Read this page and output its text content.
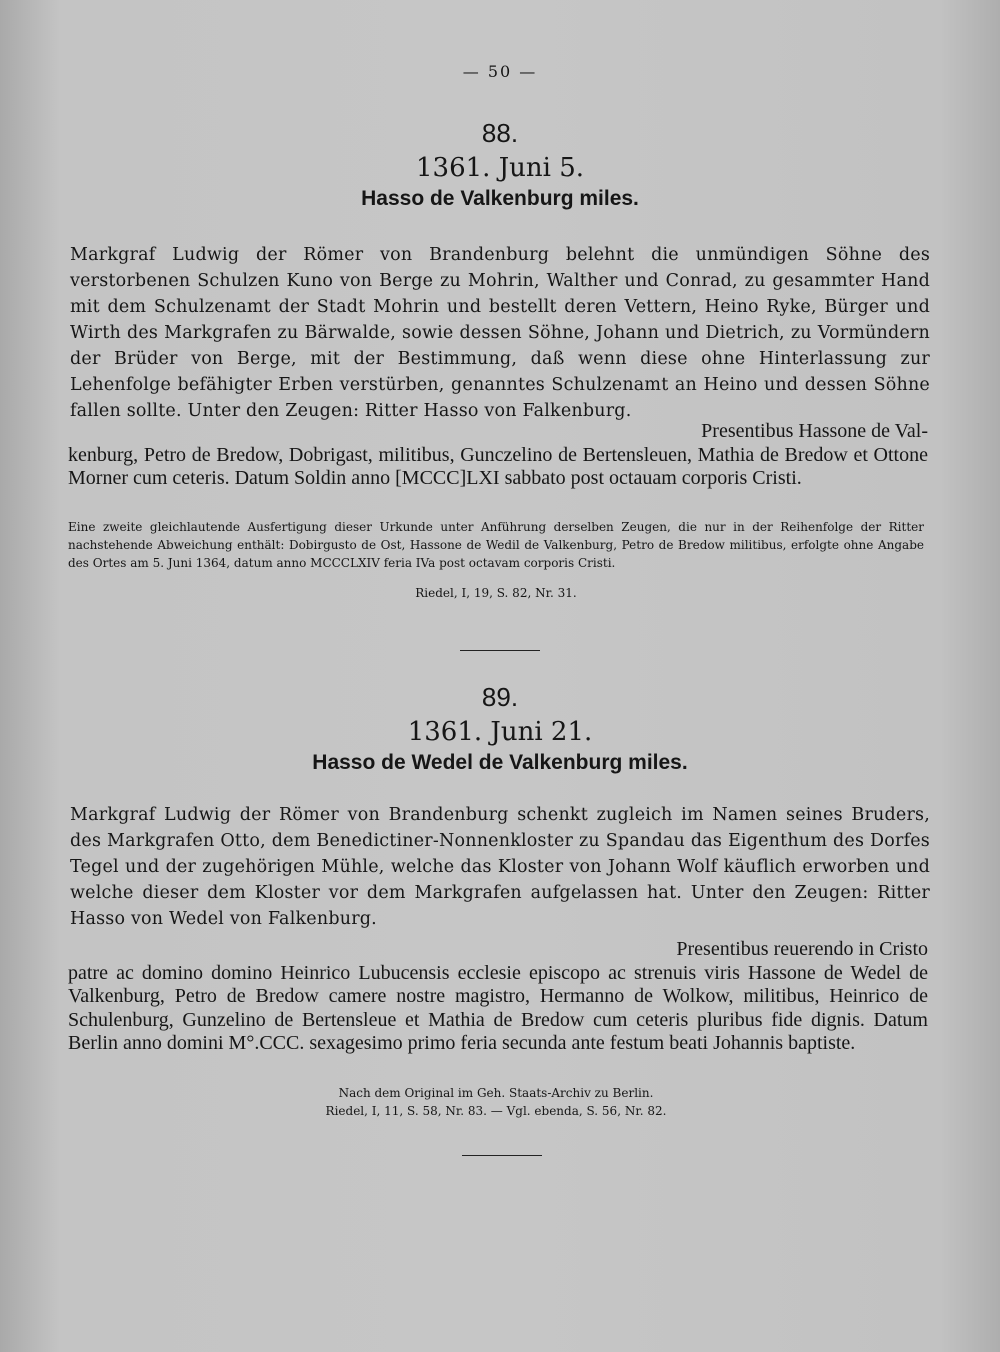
— 50 —
88.
1361. Juni 5.
Hasso de Valkenburg miles.
Markgraf Ludwig der Römer von Brandenburg belehnt die unmündigen Söhne des verstorbenen Schulzen Kuno von Berge zu Mohrin, Walther und Conrad, zu gesammter Hand mit dem Schulzenamt der Stadt Mohrin und bestellt deren Vettern, Heino Ryke, Bürger und Wirth des Markgrafen zu Bärwalde, sowie dessen Söhne, Johann und Dietrich, zu Vormündern der Brüder von Berge, mit der Bestimmung, daß wenn diese ohne Hinterlassung zur Lehenfolge befähigter Erben verstürben, genanntes Schulzenamt an Heino und dessen Söhne fallen sollte. Unter den Zeugen: Ritter Hasso von Falkenburg.
Presentibus Hassone de Val-
kenburg, Petro de Bredow, Dobrigast, militibus, Gunczelino de Bertensleuen, Mathia de Bredow et Ottone Morner cum ceteris. Datum Soldin anno [MCCC]LXI sabbato post octauam corporis Cristi.
Eine zweite gleichlautende Ausfertigung dieser Urkunde unter Anführung derselben Zeugen, die nur in der Reihenfolge der Ritter nachstehende Abweichung enthält: Dobirgusto de Ost, Hassone de Wedil de Valkenburg, Petro de Bredow militibus, erfolgte ohne Angabe des Ortes am 5. Juni 1364, datum anno MCCCLXIV feria IVa post octavam corporis Cristi.
Riedel, I, 19, S. 82, Nr. 31.
89.
1361. Juni 21.
Hasso de Wedel de Valkenburg miles.
Markgraf Ludwig der Römer von Brandenburg schenkt zugleich im Namen seines Bruders, des Markgrafen Otto, dem Benedictiner-Nonnenkloster zu Spandau das Eigenthum des Dorfes Tegel und der zugehörigen Mühle, welche das Kloster von Johann Wolf käuflich erworben und welche dieser dem Kloster vor dem Markgrafen aufgelassen hat. Unter den Zeugen: Ritter Hasso von Wedel von Falkenburg.
Presentibus reuerendo in Cristo
patre ac domino domino Heinrico Lubucensis ecclesie episcopo ac strenuis viris Hassone de Wedel de Valkenburg, Petro de Bredow camere nostre magistro, Hermanno de Wolkow, militibus, Heinrico de Schulenburg, Gunzelino de Bertensleue et Mathia de Bredow cum ceteris pluribus fide dignis. Datum Berlin anno domini M°.CCC. sexagesimo primo feria secunda ante festum beati Johannis baptiste.
Nach dem Original im Geh. Staats-Archiv zu Berlin.
Riedel, I, 11, S. 58, Nr. 83. — Vgl. ebenda, S. 56, Nr. 82.
